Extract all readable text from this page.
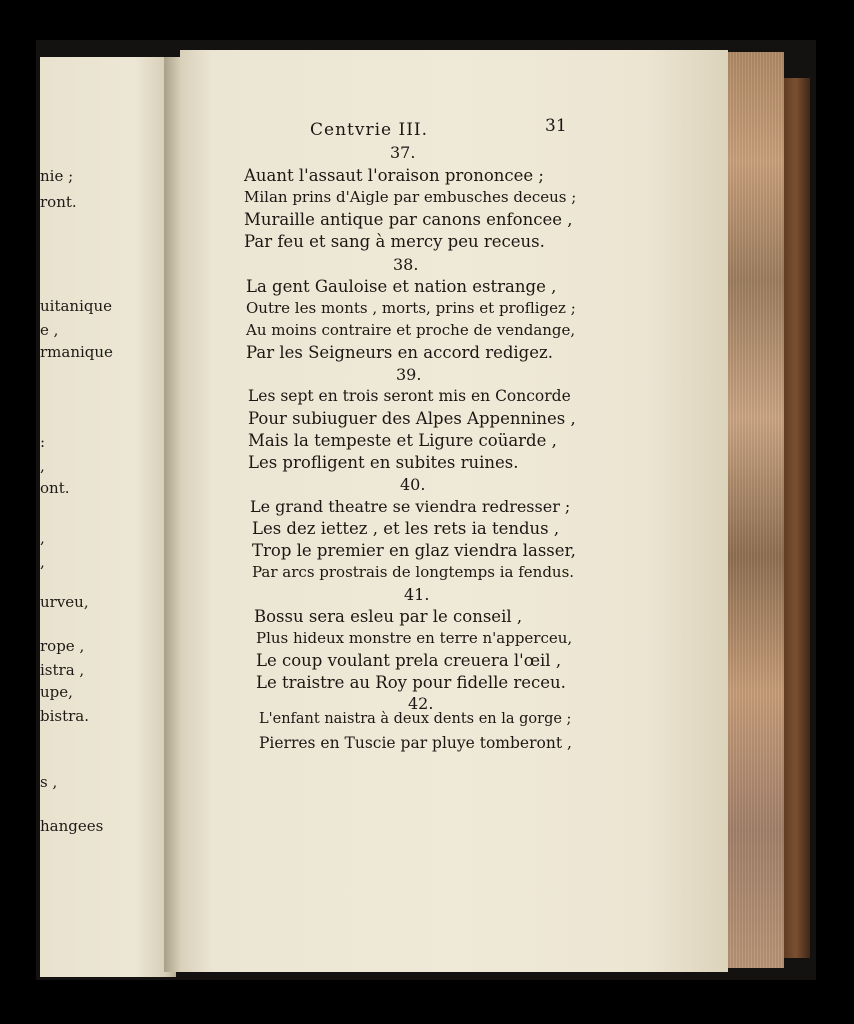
nie ;
ront.
uitanique
e ,
rmanique
:
,
ont.
,
,
urveu,
rope ,
istra ,
upe,
bistra.
s ,
hangees
Centvrie III.	31
37.
Auant l'assaut l'oraison prononcee ;
Milan prins d'Aigle par embusches deceus ;
Muraille antique par canons enfoncee ,
Par feu et sang à mercy peu receus.
38.
La gent Gauloise et nation estrange ,
Outre les monts , morts, prins et profligez ;
Au moins contraire et proche de vendange,
Par les Seigneurs en accord redigez.
39.
Les sept en trois seront mis en Concorde
Pour subiuguer des Alpes Appennines ,
Mais la tempeste et Ligure coüarde ,
Les profligent en subites ruines.
40.
Le grand theatre se viendra redresser ;
Les dez iettez , et les rets ia tendus ,
Trop le premier en glaz viendra lasser,
Par arcs prostrais de longtemps ia fendus.
41.
Bossu sera esleu par le conseil ,
Plus hideux monstre en terre n'apperceu,
Le coup voulant prela creuera l'œil ,
Le traistre au Roy pour fidelle receu.
42.
L'enfant naistra à deux dents en la gorge ;
Pierres en Tuscie par pluye tomberont ,
